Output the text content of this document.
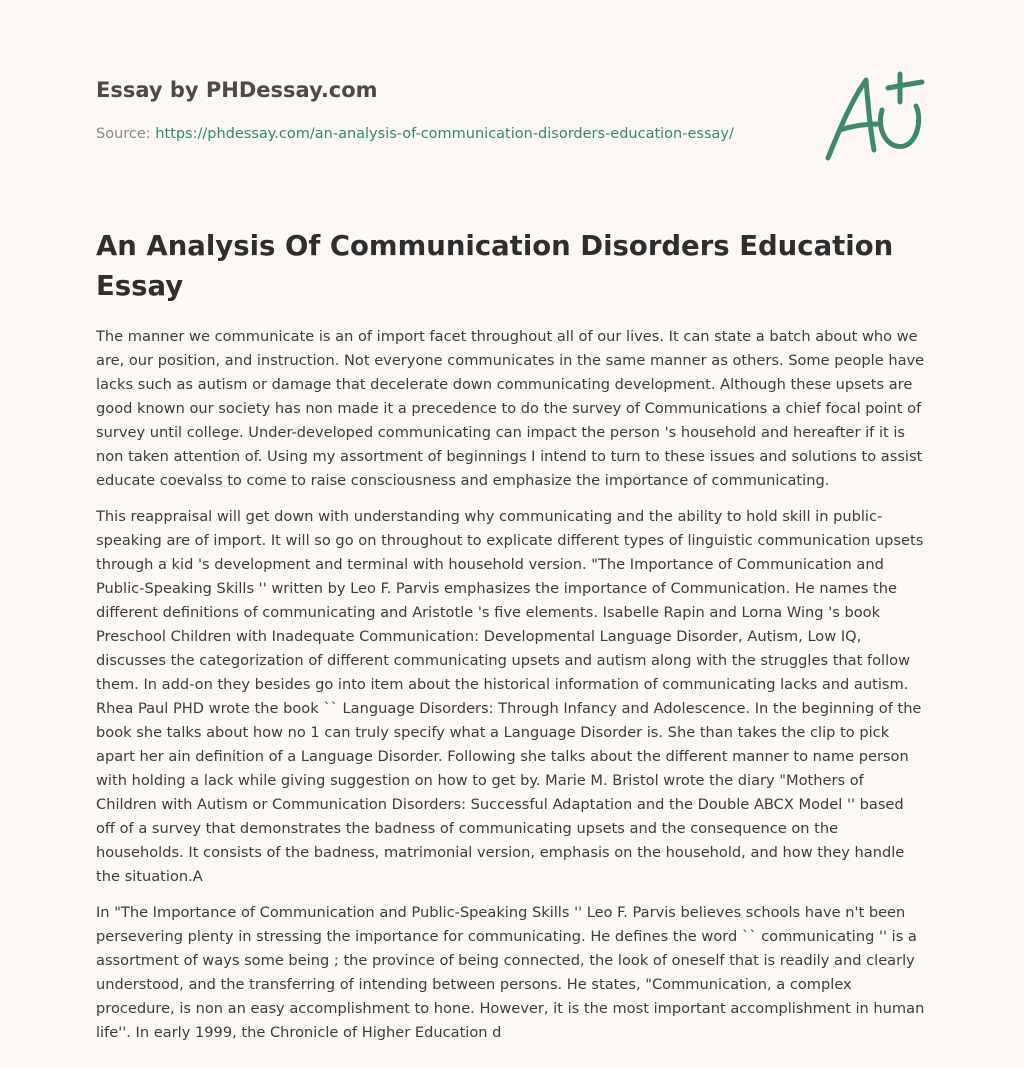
Essay by PHDessay.com
Source: https://phdessay.com/an-analysis-of-communication-disorders-education-essay/
An Analysis Of Communication Disorders Education Essay

The manner we communicate is an of import facet throughout all of our lives. It can state a batch about who we are, our position, and instruction. Not everyone communicates in the same manner as others. Some people have lacks such as autism or damage that decelerate down communicating development. Although these upsets are good known our society has non made it a precedence to do the survey of Communications a chief focal point of survey until college. Under-developed communicating can impact the person 's household and hereafter if it is non taken attention of. Using my assortment of beginnings I intend to turn to these issues and solutions to assist educate coevalss to come to raise consciousness and emphasize the importance of communicating.

This reappraisal will get down with understanding why communicating and the ability to hold skill in public-speaking are of import. It will so go on throughout to explicate different types of linguistic communication upsets through a kid 's development and terminal with household version. "The Importance of Communication and Public-Speaking Skills '' written by Leo F. Parvis emphasizes the importance of Communication. He names the different definitions of communicating and Aristotle 's five elements. Isabelle Rapin and Lorna Wing 's book Preschool Children with Inadequate Communication: Developmental Language Disorder, Autism, Low IQ, discusses the categorization of different communicating upsets and autism along with the struggles that follow them. In add-on they besides go into item about the historical information of communicating lacks and autism. Rhea Paul PHD wrote the book `` Language Disorders: Through Infancy and Adolescence. In the beginning of the book she talks about how no 1 can truly specify what a Language Disorder is. She than takes the clip to pick apart her ain definition of a Language Disorder. Following she talks about the different manner to name person with holding a lack while giving suggestion on how to get by. Marie M. Bristol wrote the diary "Mothers of Children with Autism or Communication Disorders: Successful Adaptation and the Double ABCX Model '' based off of a survey that demonstrates the badness of communicating upsets and the consequence on the households. It consists of the badness, matrimonial version, emphasis on the household, and how they handle the situation.A

In "The Importance of Communication and Public-Speaking Skills '' Leo F. Parvis believes schools have n't been persevering plenty in stressing the importance for communicating. He defines the word `` communicating '' is a assortment of ways some being ; the province of being connected, the look of oneself that is readily and clearly understood, and the transferring of intending between persons. He states, "Communication, a complex procedure, is non an easy accomplishment to hone. However, it is the most important accomplishment in human life''. In early 1999, the Chronicle of Higher Education d
